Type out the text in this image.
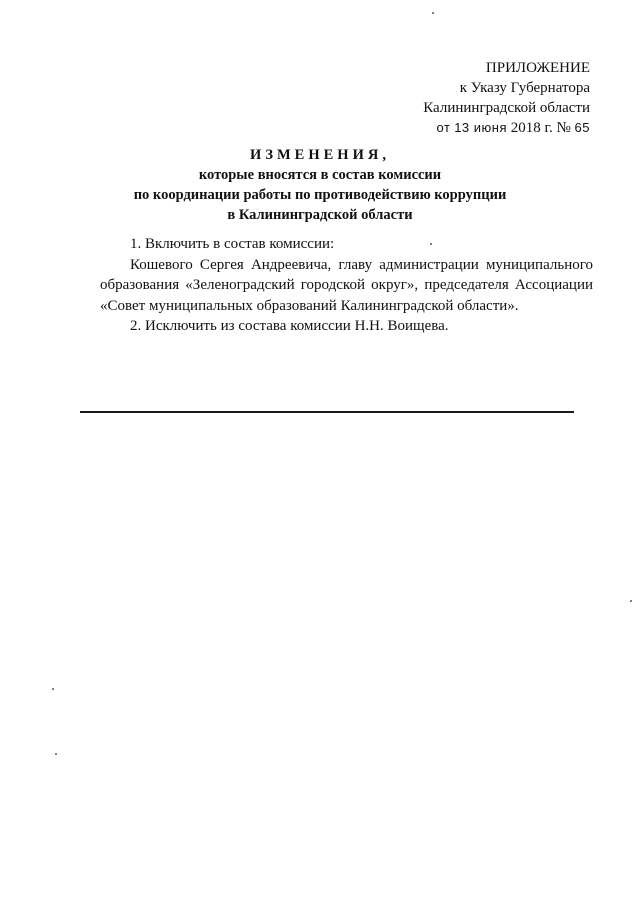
ПРИЛОЖЕНИЕ
к Указу Губернатора
Калининградской области
от 13 июня 2018 г. № 65
ИЗМЕНЕНИЯ,
которые вносятся в состав комиссии
по координации работы по противодействию коррупции
в Калининградской области
1. Включить в состав комиссии:
Кошевого Сергея Андреевича, главу администрации муниципального образования «Зеленоградский городской округ», председателя Ассоциации «Совет муниципальных образований Калининградской области».
2. Исключить из состава комиссии Н.Н. Воищева.
